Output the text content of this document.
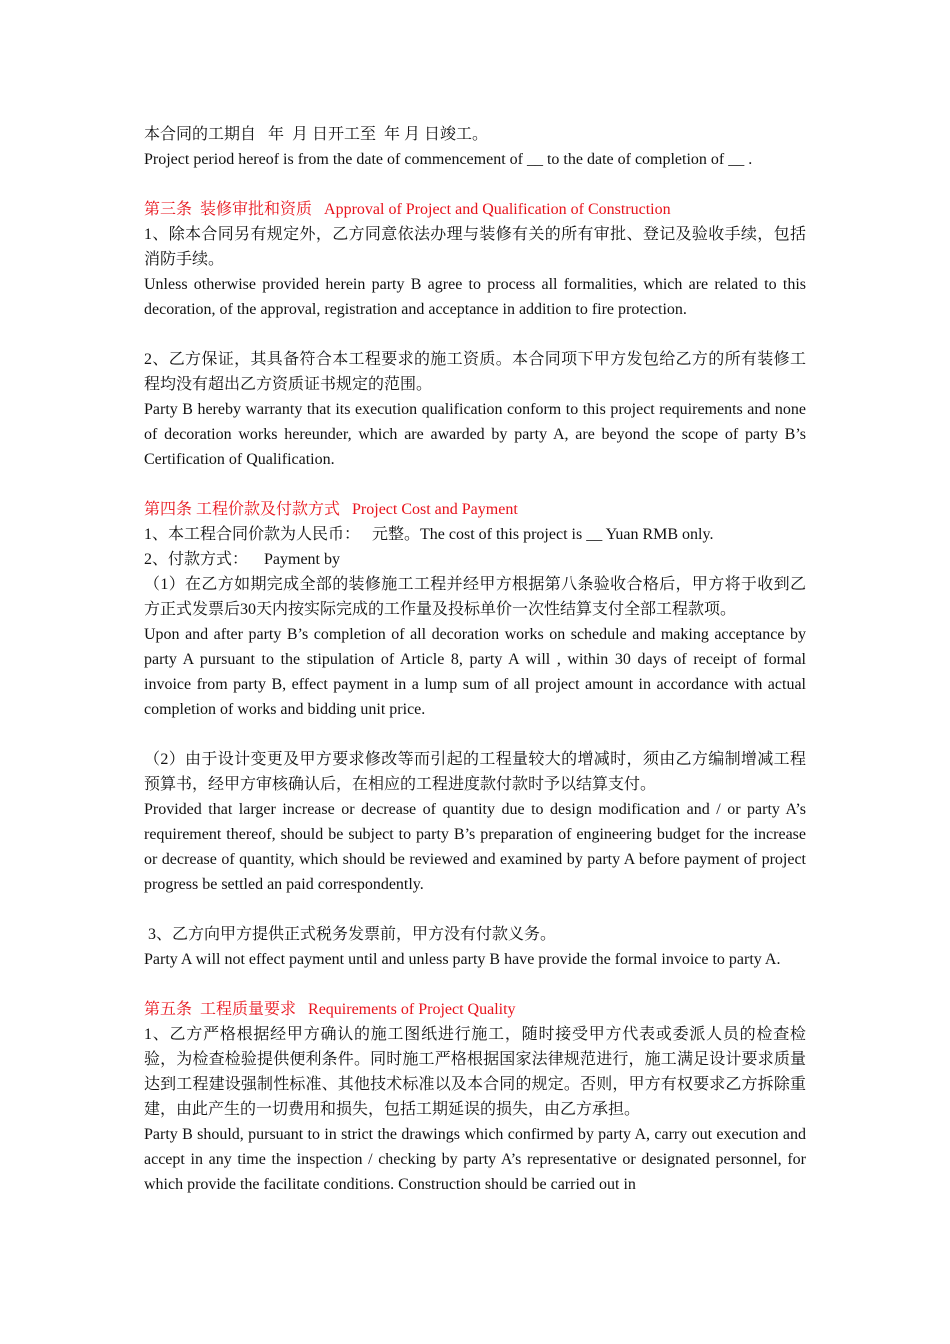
本合同的工期自   年  月 日开工至  年 月 日竣工。

Project period hereof is from the date of commencement of __ to the date of completion of __ .

第三条  装修审批和资质 Approval of Project and Qualification of Construction

1、除本合同另有规定外，乙方同意依法办理与装修有关的所有审批、登记及验收手续，包括消防手续。

Unless otherwise provided herein party B agree to process all formalities, which are related to this decoration, of the approval, registration and acceptance in addition to fire protection.

2、乙方保证，其具备符合本工程要求的施工资质。本合同项下甲方发包给乙方的所有装修工程均没有超出乙方资质证书规定的范围。

Party B hereby warranty that its execution qualification conform to this project requirements and none of decoration works hereunder, which are awarded by party A, are beyond the scope of party B’s Certification of Qualification.

第四条 工程价款及付款方式 Project Cost and Payment

1、本工程合同价款为人民币：   元整。The cost of this project is __ Yuan RMB only.

2、付款方式：    Payment by

（1）在乙方如期完成全部的装修施工工程并经甲方根据第八条验收合格后，甲方将于收到乙方正式发票后30天内按实际完成的工作量及投标单价一次性结算支付全部工程款项。

Upon and after party B’s completion of all decoration works on schedule and making acceptance by party A pursuant to the stipulation of Article 8, party A will , within 30 days of receipt of formal invoice from party B, effect payment in a lump sum of all project amount in accordance with actual completion of works and bidding unit price.

（2）由于设计变更及甲方要求修改等而引起的工程量较大的增减时，须由乙方编制增减工程预算书，经甲方审核确认后，在相应的工程进度款付款时予以结算支付。

Provided that larger increase or decrease of quantity due to design modification and / or party A’s requirement thereof, should be subject to party B’s preparation of engineering budget for the increase or decrease of quantity, which should be reviewed and examined by party A before payment of project progress be settled an paid correspondently.

3、乙方向甲方提供正式税务发票前，甲方没有付款义务。

Party A will not effect payment until and unless party B have provide the formal invoice to party A.

第五条  工程质量要求 Requirements of Project Quality

1、乙方严格根据经甲方确认的施工图纸进行施工，随时接受甲方代表或委派人员的检查检验，为检查检验提供便利条件。同时施工严格根据国家法律规范进行，施工满足设计要求质量达到工程建设强制性标准、其他技术标准以及本合同的规定。否则，甲方有权要求乙方拆除重建，由此产生的一切费用和损失，包括工期延误的损失，由乙方承担。

Party B should, pursuant to in strict the drawings which confirmed by party A, carry out execution and accept in any time the inspection / checking by party A’s representative or designated personnel, for which provide the facilitate conditions. Construction should be carried out in
